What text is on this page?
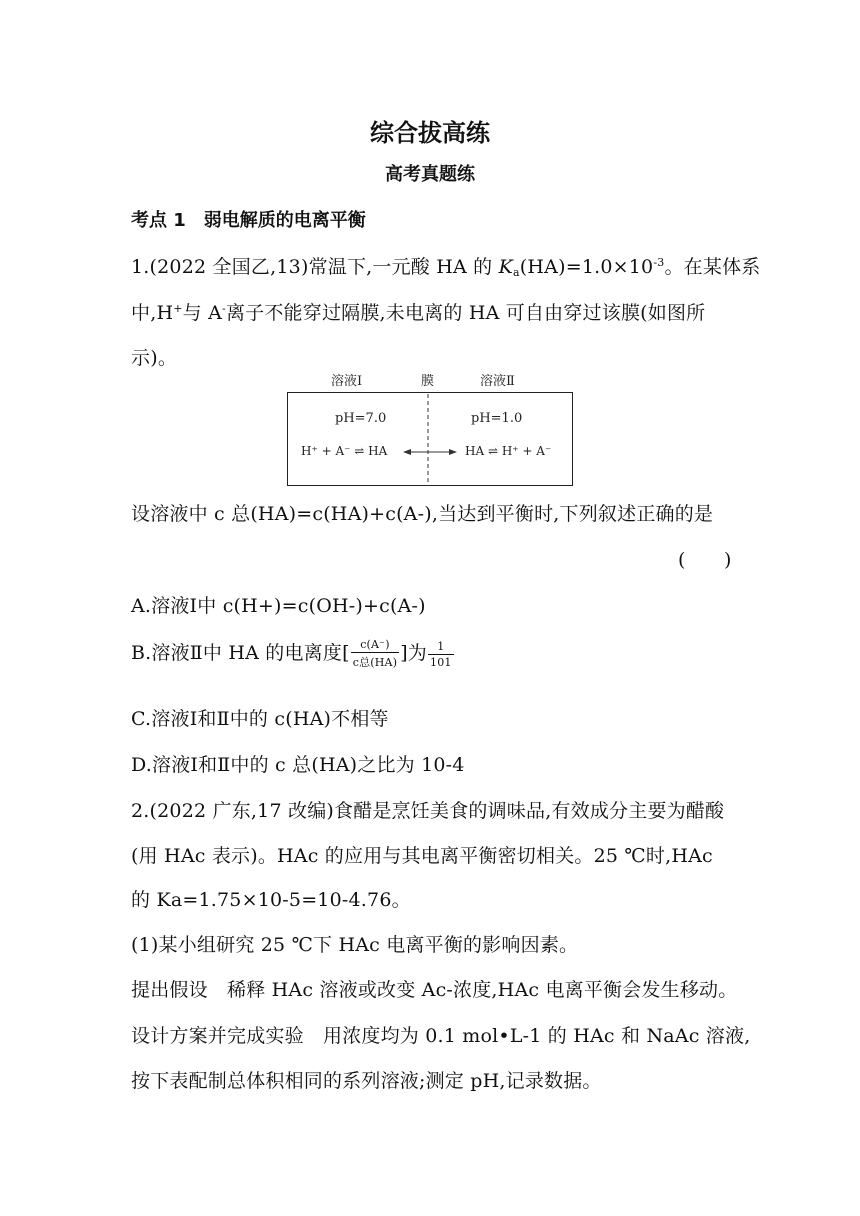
综合拔高练
高考真题练
考点 1　弱电解质的电离平衡
1.(2022 全国乙,13)常温下,一元酸 HA 的 $K_a(HA)=1.0\times 10^{-3}$。在某体系
中,H+与 A-离子不能穿过隔膜,未电离的 HA 可自由穿过该膜(如图所
示)。
溶液Ⅰ	膜	溶液Ⅱ
pH=7.0	pH=1.0
H⁺ + A⁻ ⇌ HA	HA ⇌ H⁺ + A⁻
设溶液中 c 总(HA)=c(HA)+c(A-),当达到平衡时,下列叙述正确的是
(　　)
A.溶液Ⅰ中 c(H+)=c(OH-)+c(A-)
B.溶液Ⅱ中 HA 的电离度[ $\frac{c(A^-)}{\text{c总(HA)}}$ ]为 $\frac{1}{101}$
C.溶液Ⅰ和Ⅱ中的 c(HA)不相等
D.溶液Ⅰ和Ⅱ中的 c 总(HA)之比为 10-4
2.(2022 广东,17 改编)食醋是烹饪美食的调味品,有效成分主要为醋酸
(用 HAc 表示)。HAc 的应用与其电离平衡密切相关。25 ℃时,HAc
的 Ka=1.75×10-5=10-4.76。
(1)某小组研究 25 ℃下 HAc 电离平衡的影响因素。
提出假设　稀释 HAc 溶液或改变 Ac-浓度,HAc 电离平衡会发生移动。
设计方案并完成实验　用浓度均为 0.1 mol•L-1 的 HAc 和 NaAc 溶液,
按下表配制总体积相同的系列溶液;测定 pH,记录数据。
